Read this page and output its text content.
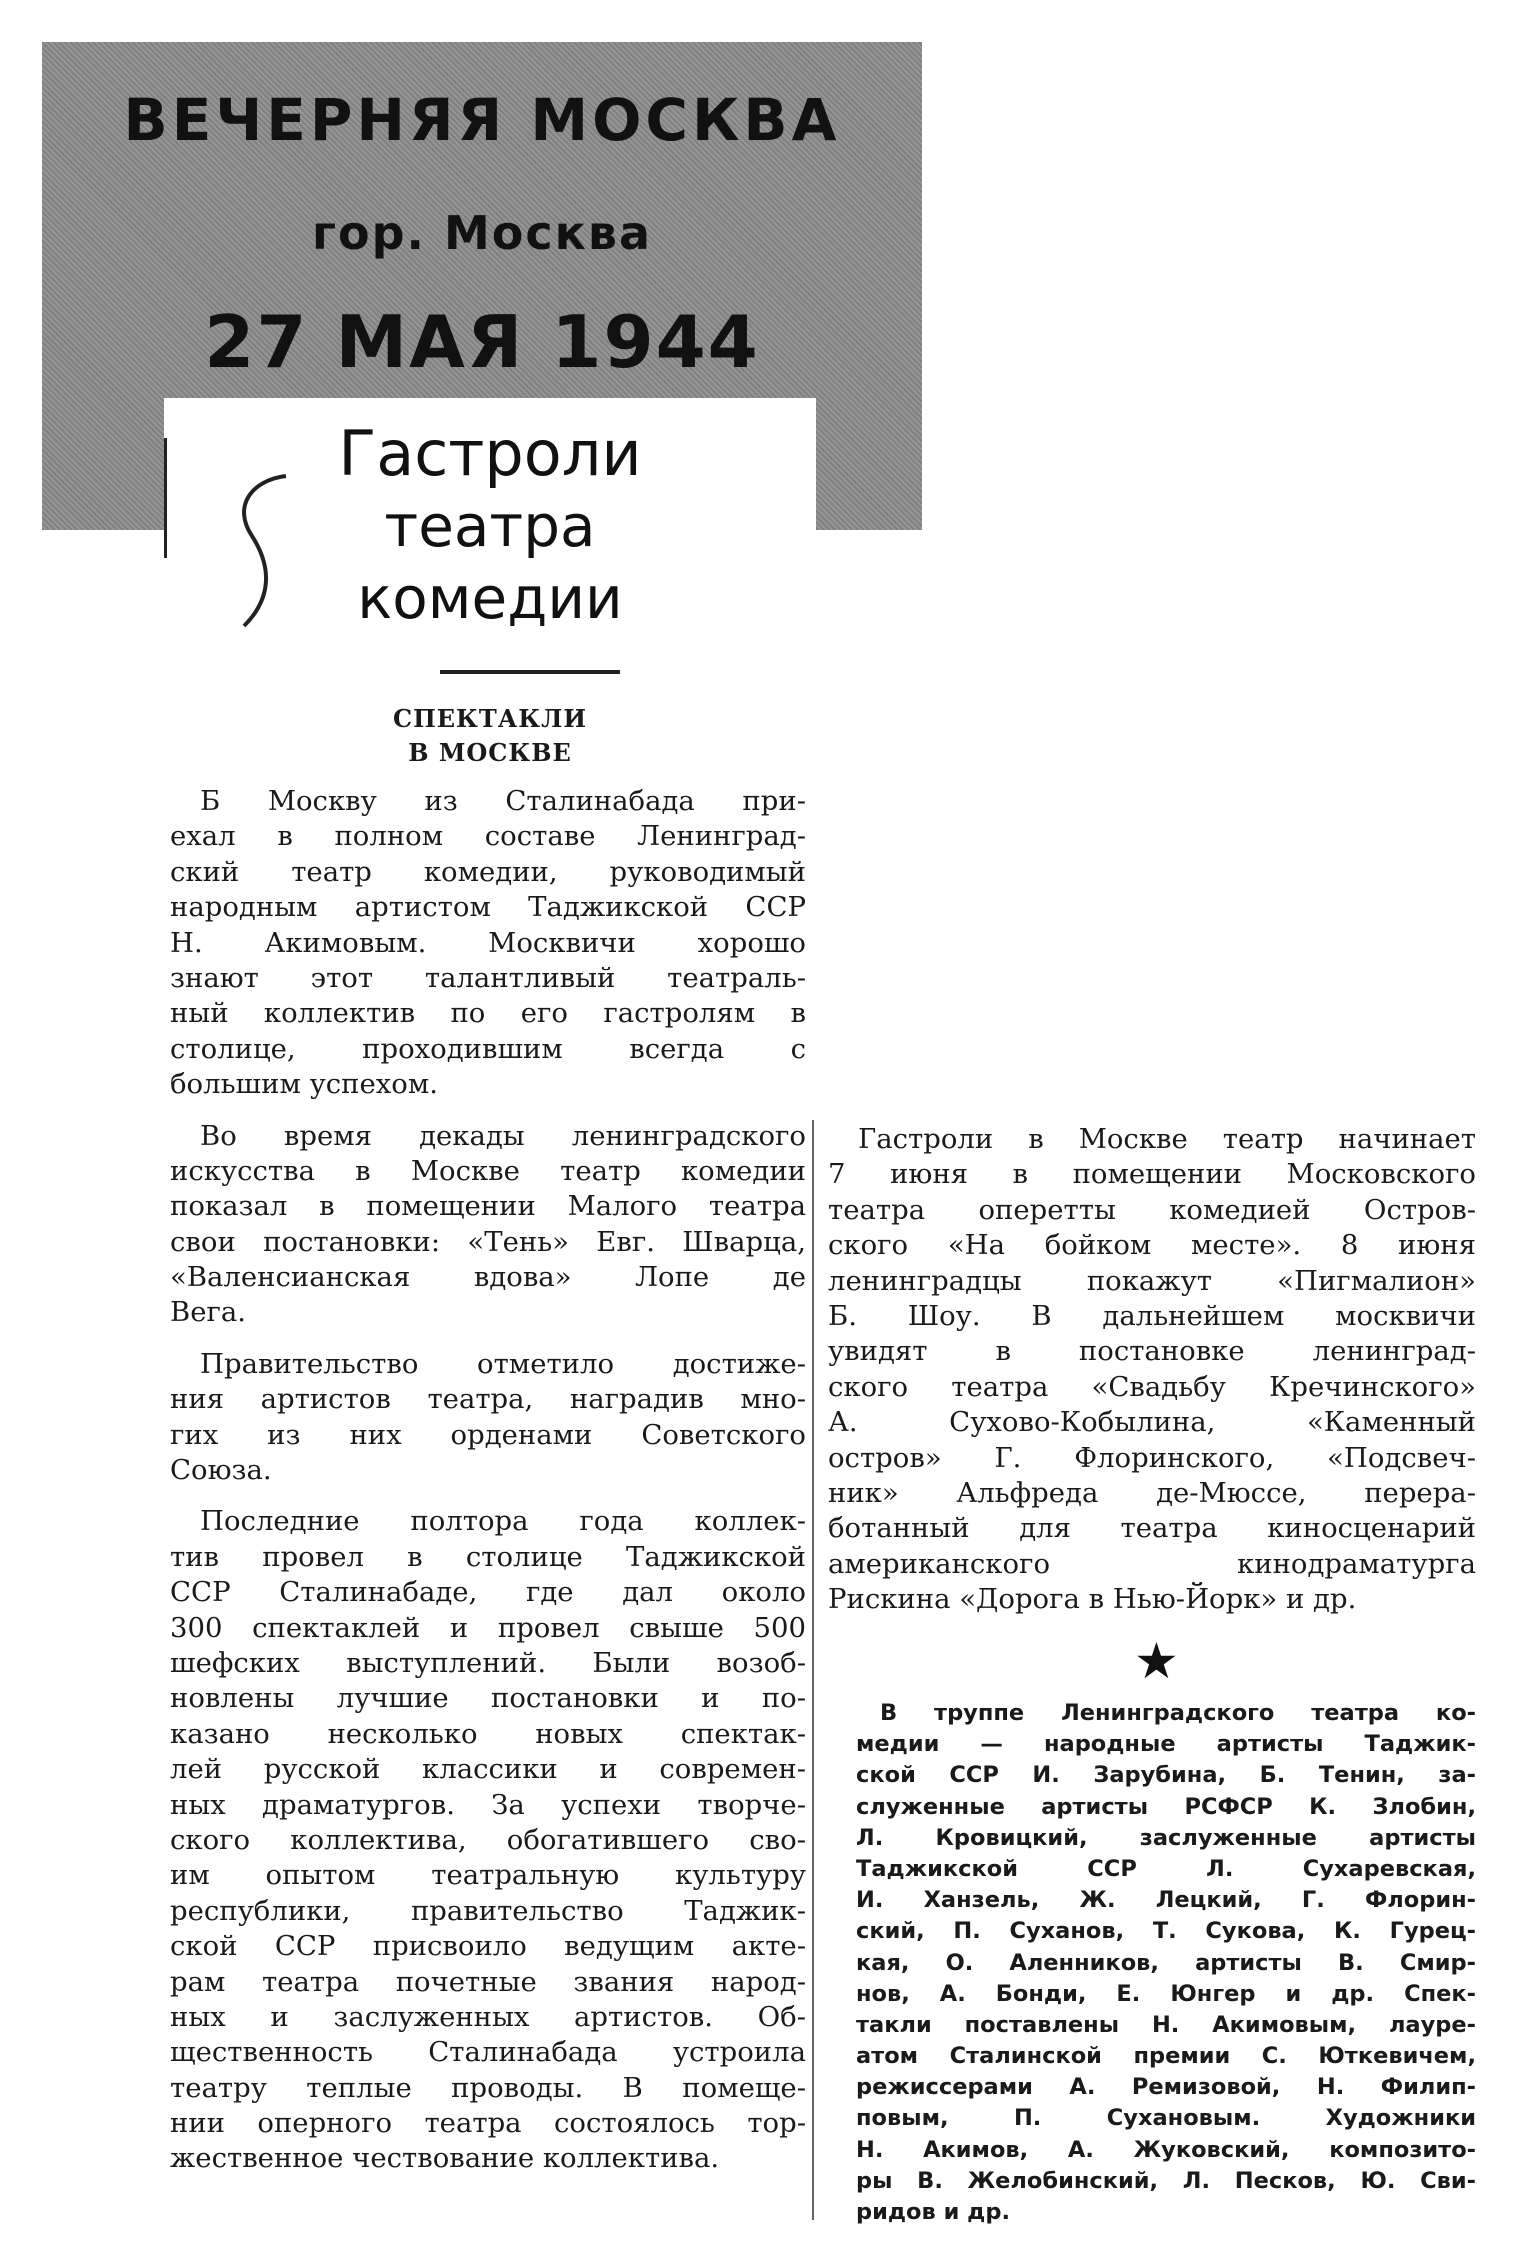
ВЕЧЕРНЯЯ МОСКВА
гор. Москва
27 МАЯ 1944
Гастроли
театра
комедии
СПЕКТАКЛИ
В МОСКВЕ
Б Москву из Сталинабада при-
ехал в полном составе Ленинград-
ский театр комедии, руководимый
народным артистом Таджикской ССР
Н. Акимовым. Москвичи хорошо
знают этот талантливый театраль-
ный коллектив по его гастролям в
столице, проходившим всегда с
большим успехом.
Во время декады ленинградского
искусства в Москве театр комедии
показал в помещении Малого театра
свои постановки: «Тень» Евг. Шварца,
«Валенсианская вдова» Лопе де
Вега.
Правительство отметило достиже-
ния артистов театра, наградив мно-
гих из них орденами Советского
Союза.
Последние полтора года коллек-
тив провел в столице Таджикской
ССР Сталинабаде, где дал около
300 спектаклей и провел свыше 500
шефских выступлений. Были возоб-
новлены лучшие постановки и по-
казано несколько новых спектак-
лей русской классики и современ-
ных драматургов. За успехи творче-
ского коллектива, обогатившего сво-
им опытом театральную культуру
республики, правительство Таджик-
ской ССР присвоило ведущим акте-
рам театра почетные звания народ-
ных и заслуженных артистов. Об-
щественность Сталинабада устроила
театру теплые проводы. В помеще-
нии оперного театра состоялось тор-
жественное чествование коллектива.
Гастроли в Москве театр начинает
7 июня в помещении Московского
театра оперетты комедией Остров-
ского «На бойком месте». 8 июня
ленинградцы покажут «Пигмалион»
Б. Шоу. В дальнейшем москвичи
увидят в постановке ленинград-
ского театра «Свадьбу Кречинского»
А. Сухово-Кобылина, «Каменный
остров» Г. Флоринского, «Подсвеч-
ник» Альфреда де-Мюссе, перера-
ботанный для театра киносценарий
американского кинодраматурга
Рискина «Дорога в Нью-Йорк» и др.
★
В труппе Ленинградского театра ко-
медии — народные артисты Таджик-
ской ССР И. Зарубина, Б. Тенин, за-
служенные артисты РСФСР К. Злобин,
Л. Кровицкий, заслуженные артисты
Таджикской ССР Л. Сухаревская,
И. Ханзель, Ж. Лецкий, Г. Флорин-
ский, П. Суханов, Т. Сукова, К. Гурец-
кая, О. Аленников, артисты В. Смир-
нов, А. Бонди, Е. Юнгер и др. Спек-
такли поставлены Н. Акимовым, лауре-
атом Сталинской премии С. Юткевичем,
режиссерами А. Ремизовой, Н. Филип-
повым, П. Сухановым. Художники
Н. Акимов, А. Жуковский, композито-
ры В. Желобинский, Л. Песков, Ю. Сви-
ридов и др.
